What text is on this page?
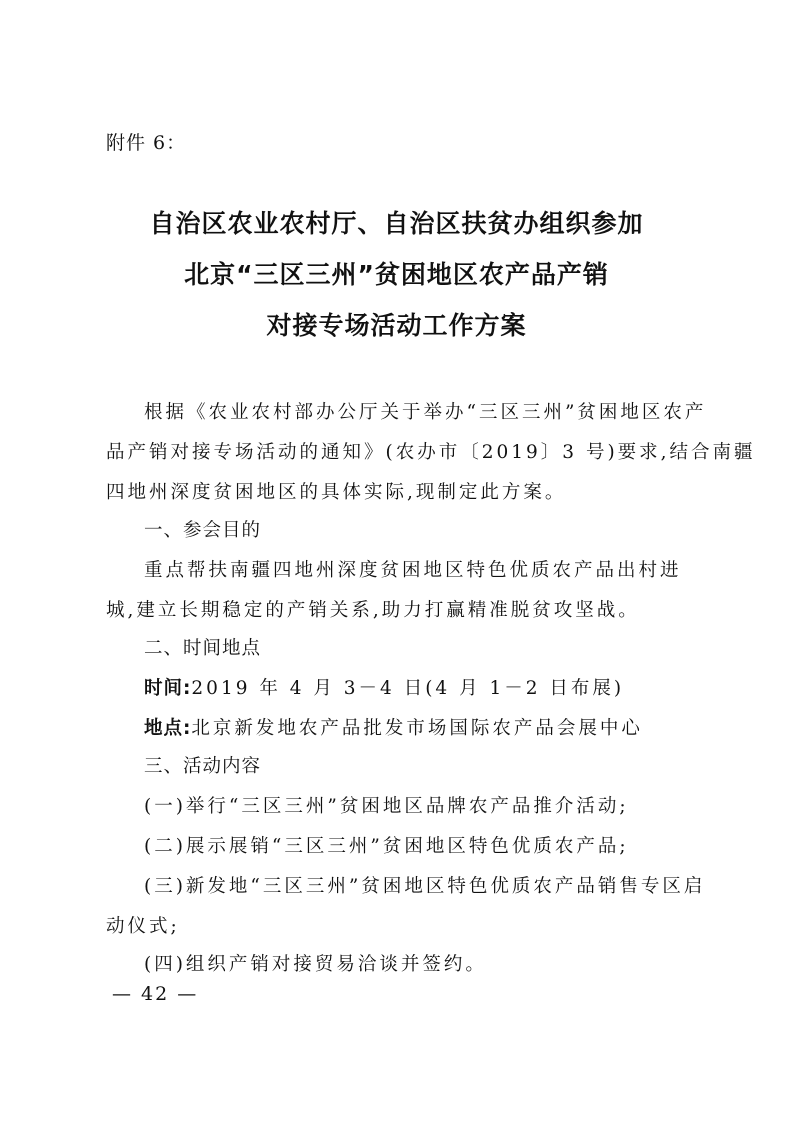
附件 6：
自治区农业农村厅、自治区扶贫办组织参加
北京“三区三州”贫困地区农产品产销
对接专场活动工作方案
根据《农业农村部办公厅关于举办“三区三州”贫困地区农产
品产销对接专场活动的通知》(农办市〔2019〕3 号)要求,结合南疆
四地州深度贫困地区的具体实际,现制定此方案。
一、参会目的
重点帮扶南疆四地州深度贫困地区特色优质农产品出村进
城,建立长期稳定的产销关系,助力打赢精准脱贫攻坚战。
二、时间地点
时间:2019 年 4 月 3－4 日(4 月 1－2 日布展)
地点:北京新发地农产品批发市场国际农产品会展中心
三、活动内容
(一)举行“三区三州”贫困地区品牌农产品推介活动;
(二)展示展销“三区三州”贫困地区特色优质农产品;
(三)新发地“三区三州”贫困地区特色优质农产品销售专区启
动仪式;
(四)组织产销对接贸易洽谈并签约。
— 42 —
